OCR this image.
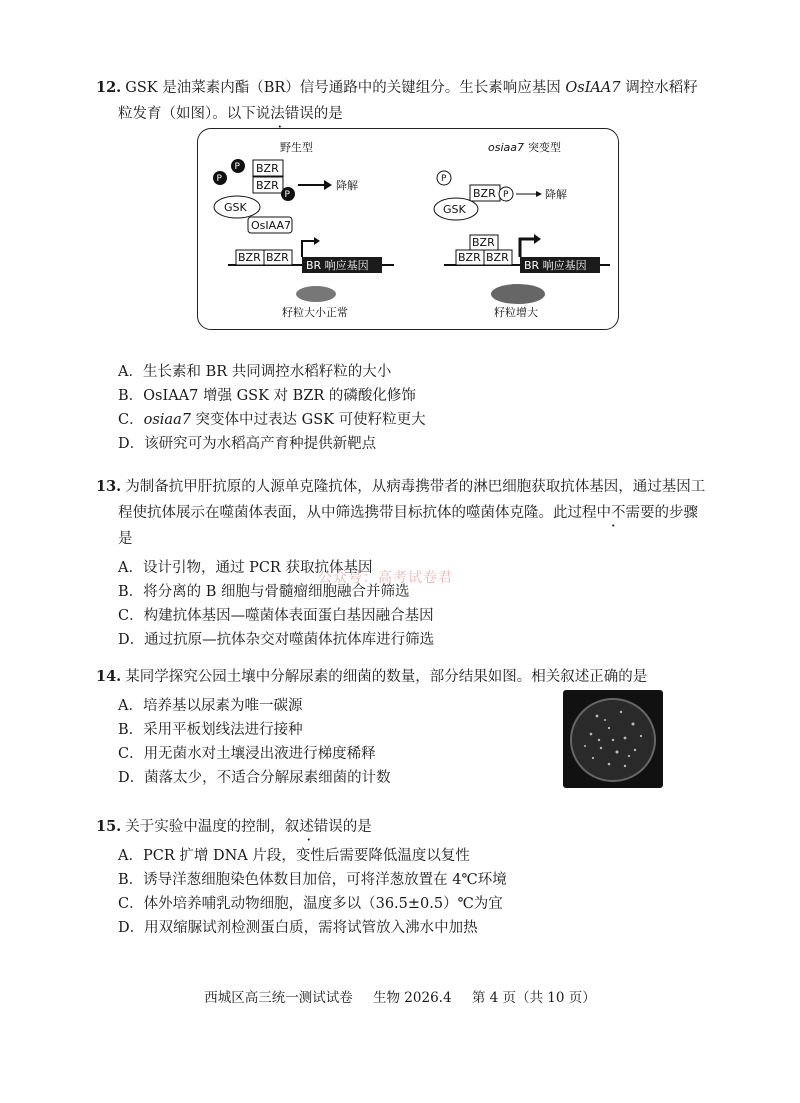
12. GSK 是油菜素内酯（BR）信号通路中的关键组分。生长素响应基因 OsIAA7 调控水稻籽粒发育（如图）。以下说法错误的是

野生型
P
P BZR
BZR
P
降解
GSK
OsIAA7
BZR BZR
BR 响应基因
籽粒大小正常
osiaa7 突变型
P
BZR P	降解
GSK
BZR
BZR BZR
BR 响应基因
籽粒增大
A．生长素和 BR 共同调控水稻籽粒的大小
B．OsIAA7 增强 GSK 对 BZR 的磷酸化修饰
C．osiaa7 突变体中过表达 GSK 可使籽粒更大
D．该研究可为水稻高产育种提供新靶点

13. 为制备抗甲肝抗原的人源单克隆抗体，从病毒携带者的淋巴细胞获取抗体基因，通过基因工程使抗体展示在噬菌体表面，从中筛选携带目标抗体的噬菌体克隆。此过程中不需要的步骤是

A．设计引物，通过 PCR 获取抗体基因
B．将分离的 B 细胞与骨髓瘤细胞融合并筛选
C．构建抗体基因—噬菌体表面蛋白基因融合基因
D．通过抗原—抗体杂交对噬菌体抗体库进行筛选
公众号：高考试卷君

14. 某同学探究公园土壤中分解尿素的细菌的数量，部分结果如图。相关叙述正确的是

A．培养基以尿素为唯一碳源
B．采用平板划线法进行接种
C．用无菌水对土壤浸出液进行梯度稀释
D．菌落太少，不适合分解尿素细菌的计数

15. 关于实验中温度的控制，叙述错误的是

A．PCR 扩增 DNA 片段，变性后需要降低温度以复性
B．诱导洋葱细胞染色体数目加倍，可将洋葱放置在 4℃环境
C．体外培养哺乳动物细胞，温度多以（36.5±0.5）℃为宜
D．用双缩脲试剂检测蛋白质，需将试管放入沸水中加热
西城区高三统一测试试卷 生物 2026.4 第 4 页（共 10 页）
